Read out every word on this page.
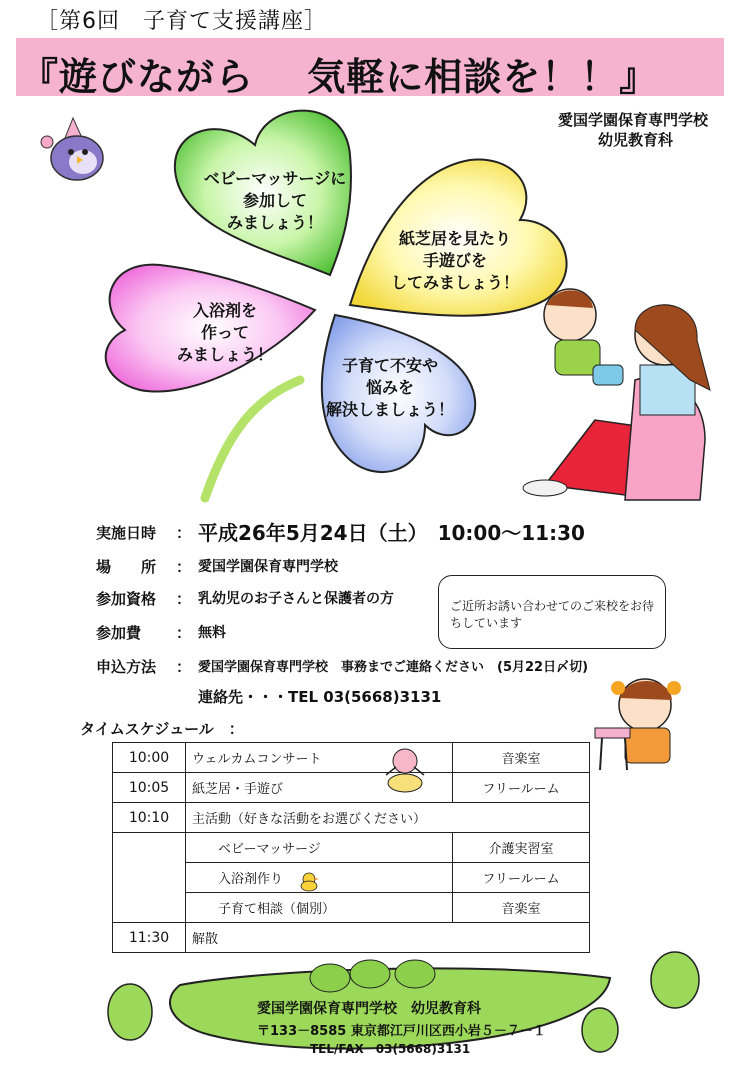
［第6回　子育て支援講座］
『遊びながら　 気軽に相談を！！』
愛国学園保育専門学校
幼児教育科
実施日時 ： 平成26年5月24日（土）　10:00～11:30
場　　所 ： 愛国学園保育専門学校
参加資格 ： 乳幼児のお子さんと保護者の方
参加費 ： 無料
申込方法 ： 愛国学園保育専門学校　事務までご連絡ください　(5月22日〆切)
連絡先・・・TEL 03(5668)3131
ご近所お誘い合わせてのご来校をお待ちしています
タイムスケジュール　：
10:00	ウェルカムコンサート	音楽室
10:05	紙芝居・手遊び	フリールーム
10:10	主活動（好きな活動をお選びください）	
	ベビーマッサージ	介護実習室
	入浴剤作り	フリールーム
	子育て相談（個別）	音楽室
11:30	解散	
愛国学園保育専門学校　幼児教育科
〒133－8585 東京都江戸川区西小岩５－７－１
TEL/FAX　03(5668)3131
ベビーマッサージに
参加して
みましょう！
紙芝居を見たり
手遊びを
してみましょう！
入浴剤を
作って
みましょう！
子育て不安や
悩みを
解決しましょう！
